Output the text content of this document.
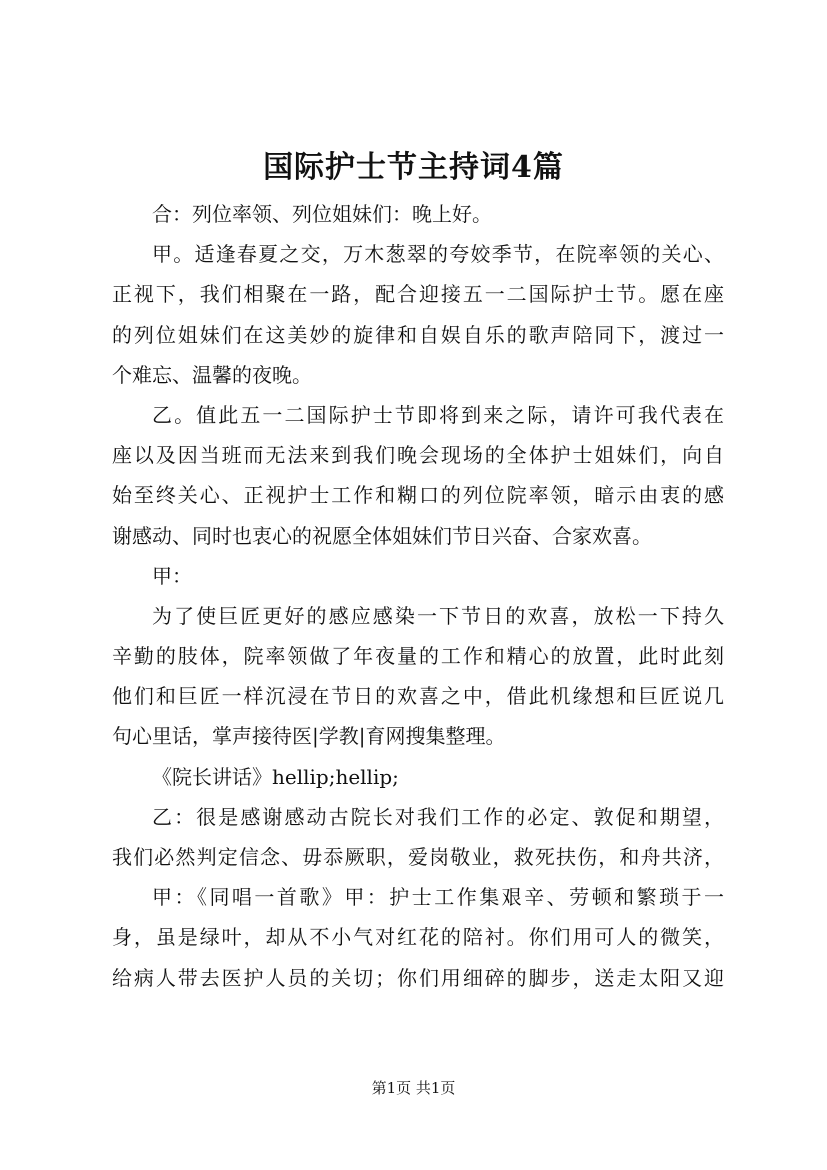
国际护士节主持词4篇
合：列位率领、列位姐妹们：晚上好。
甲。适逢春夏之交，万木葱翠的夸姣季节，在院率领的关心、
正视下，我们相聚在一路，配合迎接五一二国际护士节。愿在座
的列位姐妹们在这美妙的旋律和自娱自乐的歌声陪同下，渡过一
个难忘、温馨的夜晚。
乙。值此五一二国际护士节即将到来之际，请许可我代表在
座以及因当班而无法来到我们晚会现场的全体护士姐妹们，向自
始至终关心、正视护士工作和糊口的列位院率领，暗示由衷的感
谢感动、同时也衷心的祝愿全体姐妹们节日兴奋、合家欢喜。
甲：
为了使巨匠更好的感应感染一下节日的欢喜，放松一下持久
辛勤的肢体，院率领做了年夜量的工作和精心的放置，此时此刻
他们和巨匠一样沉浸在节日的欢喜之中，借此机缘想和巨匠说几
句心里话，掌声接待医|学教|育网搜集整理。
《院长讲话》hellip;hellip;
乙：很是感谢感动古院长对我们工作的必定、敦促和期望，
我们必然判定信念、毋忝厥职，爱岗敬业，救死扶伤，和舟共济，
甲：《同唱一首歌》甲：护士工作集艰辛、劳顿和繁琐于一
身，虽是绿叶，却从不小气对红花的陪衬。你们用可人的微笑，
给病人带去医护人员的关切；你们用细碎的脚步，送走太阳又迎
第1页 共1页
